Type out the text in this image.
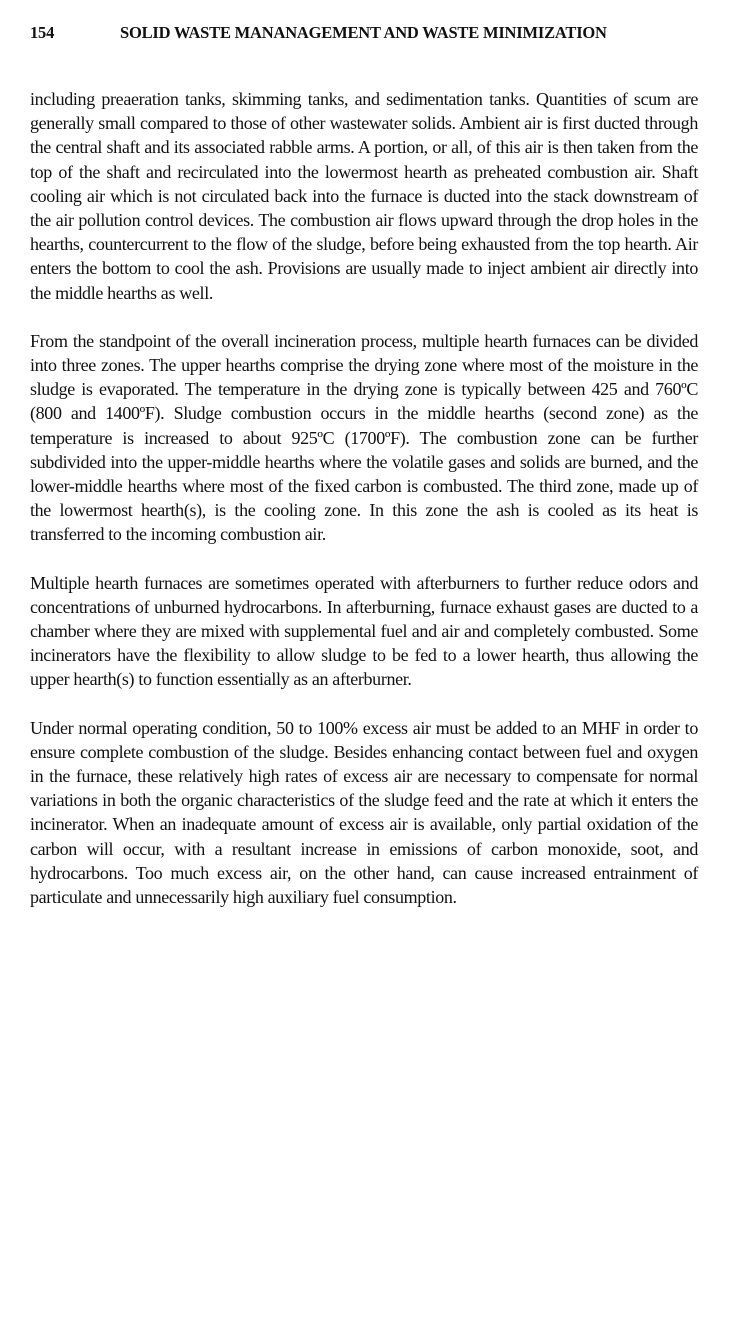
154	SOLID WASTE MANANAGEMENT AND WASTE MINIMIZATION

including preaeration tanks, skimming tanks, and sedimentation tanks. Quantities of scum are generally small compared to those of other wastewater solids. Ambient air is first ducted through the central shaft and its associated rabble arms. A portion, or all, of this air is then taken from the top of the shaft and recirculated into the lowermost hearth as preheated combustion air. Shaft cooling air which is not circulated back into the furnace is ducted into the stack downstream of the air pollution control devices. The combustion air flows upward through the drop holes in the hearths, countercurrent to the flow of the sludge, before being exhausted from the top hearth. Air enters the bottom to cool the ash. Provisions are usually made to inject ambient air directly into the middle hearths as well.

From the standpoint of the overall incineration process, multiple hearth furnaces can be divided into three zones. The upper hearths comprise the drying zone where most of the moisture in the sludge is evaporated. The temperature in the drying zone is typically between 425 and 760ºC (800 and 1400ºF). Sludge combustion occurs in the middle hearths (second zone) as the temperature is increased to about 925ºC (1700ºF). The combustion zone can be further subdivided into the upper-middle hearths where the volatile gases and solids are burned, and the lower-middle hearths where most of the fixed carbon is combusted. The third zone, made up of the lowermost hearth(s), is the cooling zone. In this zone the ash is cooled as its heat is transferred to the incoming combustion air.

Multiple hearth furnaces are sometimes operated with afterburners to further reduce odors and concentrations of unburned hydrocarbons. In afterburning, furnace exhaust gases are ducted to a chamber where they are mixed with supplemental fuel and air and completely combusted. Some incinerators have the flexibility to allow sludge to be fed to a lower hearth, thus allowing the upper hearth(s) to function essentially as an afterburner.

Under normal operating condition, 50 to 100% excess air must be added to an MHF in order to ensure complete combustion of the sludge. Besides enhancing contact between fuel and oxygen in the furnace, these relatively high rates of excess air are necessary to compensate for normal variations in both the organic characteristics of the sludge feed and the rate at which it enters the incinerator. When an inadequate amount of excess air is available, only partial oxidation of the carbon will occur, with a resultant increase in emissions of carbon monoxide, soot, and hydrocarbons. Too much excess air, on the other hand, can cause increased entrainment of particulate and unnecessarily high auxiliary fuel consumption.
